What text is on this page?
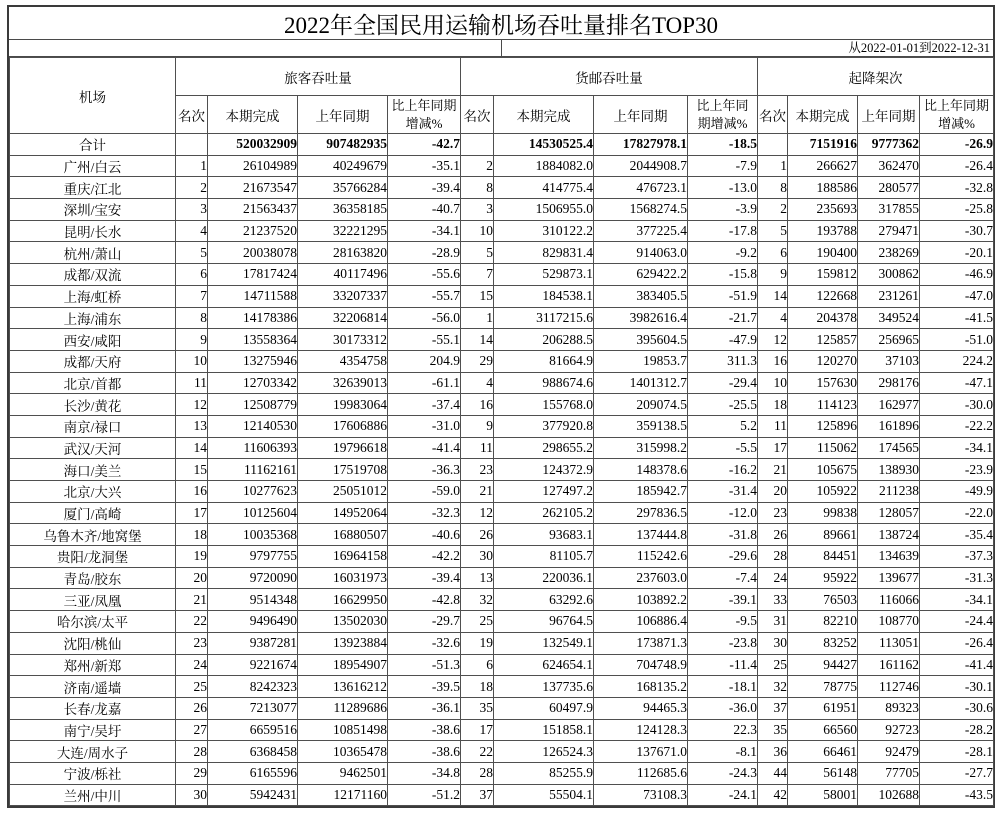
2022年全国民用运输机场吞吐量排名TOP30
从2022-01-01到2022-12-31
机场	旅客吞吐量				货邮吞吐量				起降架次			
	名次	本期完成	上年同期	比上年同期增减%	名次	本期完成	上年同期	比上年同期增减%	名次	本期完成	上年同期	比上年同期增减%
合计		520032909	907482935	-42.7		14530525.4	17827978.1	-18.5		7151916	9777362	-26.9
广州/白云	1	26104989	40249679	-35.1	2	1884082.0	2044908.7	-7.9	1	266627	362470	-26.4
重庆/江北	2	21673547	35766284	-39.4	8	414775.4	476723.1	-13.0	8	188586	280577	-32.8
深圳/宝安	3	21563437	36358185	-40.7	3	1506955.0	1568274.5	-3.9	2	235693	317855	-25.8
昆明/长水	4	21237520	32221295	-34.1	10	310122.2	377225.4	-17.8	5	193788	279471	-30.7
杭州/萧山	5	20038078	28163820	-28.9	5	829831.4	914063.0	-9.2	6	190400	238269	-20.1
成都/双流	6	17817424	40117496	-55.6	7	529873.1	629422.2	-15.8	9	159812	300862	-46.9
上海/虹桥	7	14711588	33207337	-55.7	15	184538.1	383405.5	-51.9	14	122668	231261	-47.0
上海/浦东	8	14178386	32206814	-56.0	1	3117215.6	3982616.4	-21.7	4	204378	349524	-41.5
西安/咸阳	9	13558364	30173312	-55.1	14	206288.5	395604.5	-47.9	12	125857	256965	-51.0
成都/天府	10	13275946	4354758	204.9	29	81664.9	19853.7	311.3	16	120270	37103	224.2
北京/首都	11	12703342	32639013	-61.1	4	988674.6	1401312.7	-29.4	10	157630	298176	-47.1
长沙/黄花	12	12508779	19983064	-37.4	16	155768.0	209074.5	-25.5	18	114123	162977	-30.0
南京/禄口	13	12140530	17606886	-31.0	9	377920.8	359138.5	5.2	11	125896	161896	-22.2
武汉/天河	14	11606393	19796618	-41.4	11	298655.2	315998.2	-5.5	17	115062	174565	-34.1
海口/美兰	15	11162161	17519708	-36.3	23	124372.9	148378.6	-16.2	21	105675	138930	-23.9
北京/大兴	16	10277623	25051012	-59.0	21	127497.2	185942.7	-31.4	20	105922	211238	-49.9
厦门/高崎	17	10125604	14952064	-32.3	12	262105.2	297836.5	-12.0	23	99838	128057	-22.0
乌鲁木齐/地窝堡	18	10035368	16880507	-40.6	26	93683.1	137444.8	-31.8	26	89661	138724	-35.4
贵阳/龙洞堡	19	9797755	16964158	-42.2	30	81105.7	115242.6	-29.6	28	84451	134639	-37.3
青岛/胶东	20	9720090	16031973	-39.4	13	220036.1	237603.0	-7.4	24	95922	139677	-31.3
三亚/凤凰	21	9514348	16629950	-42.8	32	63292.6	103892.2	-39.1	33	76503	116066	-34.1
哈尔滨/太平	22	9496490	13502030	-29.7	25	96764.5	106886.4	-9.5	31	82210	108770	-24.4
沈阳/桃仙	23	9387281	13923884	-32.6	19	132549.1	173871.3	-23.8	30	83252	113051	-26.4
郑州/新郑	24	9221674	18954907	-51.3	6	624654.1	704748.9	-11.4	25	94427	161162	-41.4
济南/遥墙	25	8242323	13616212	-39.5	18	137735.6	168135.2	-18.1	32	78775	112746	-30.1
长春/龙嘉	26	7213077	11289686	-36.1	35	60497.9	94465.3	-36.0	37	61951	89323	-30.6
南宁/吴圩	27	6659516	10851498	-38.6	17	151858.1	124128.3	22.3	35	66560	92723	-28.2
大连/周水子	28	6368458	10365478	-38.6	22	126524.3	137671.0	-8.1	36	66461	92479	-28.1
宁波/栎社	29	6165596	9462501	-34.8	28	85255.9	112685.6	-24.3	44	56148	77705	-27.7
兰州/中川	30	5942431	12171160	-51.2	37	55504.1	73108.3	-24.1	42	58001	102688	-43.5
